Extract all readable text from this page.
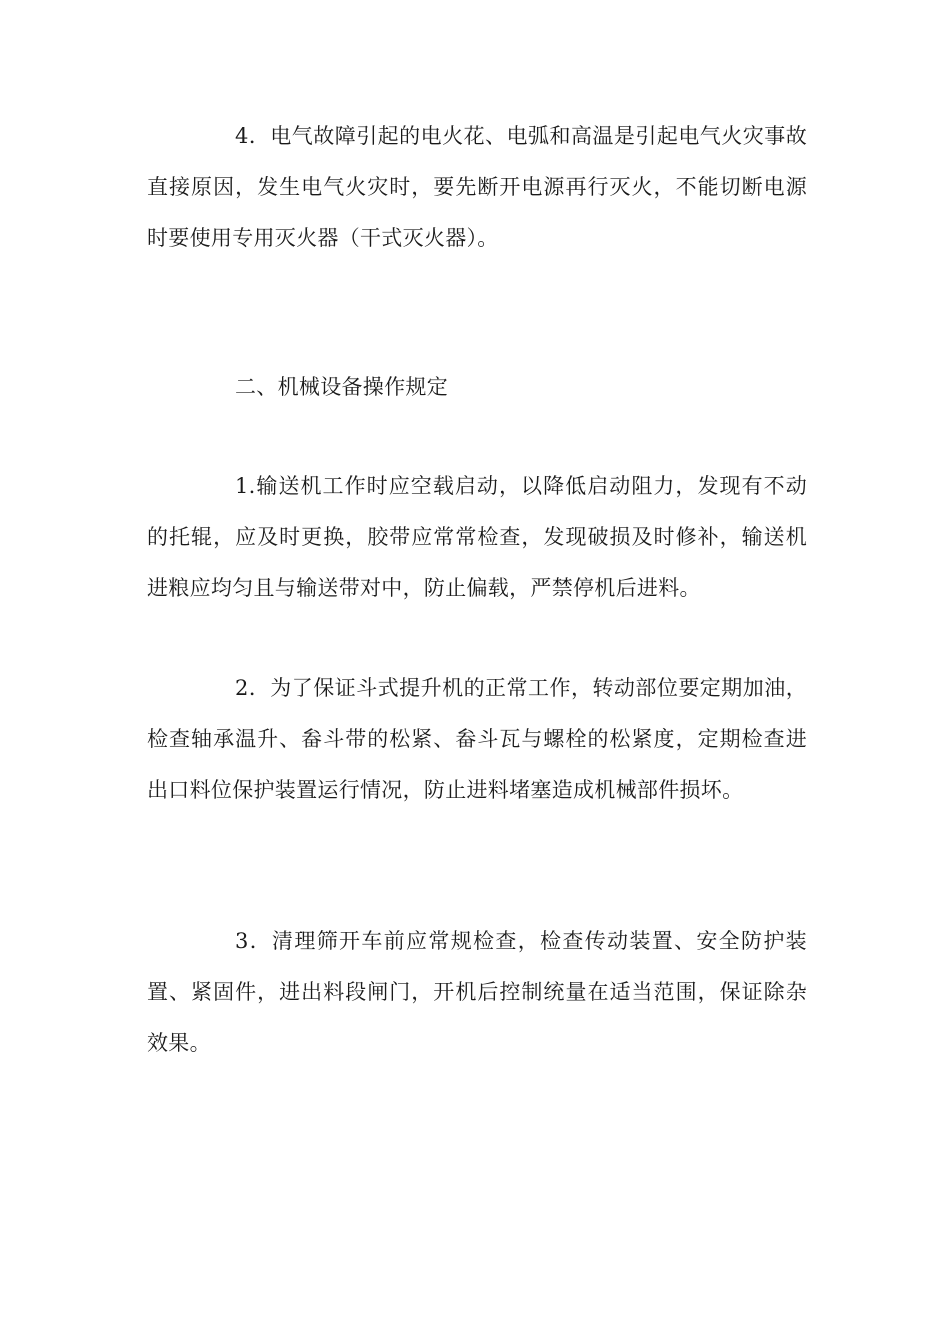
4．电气故障引起的电火花、电弧和高温是引起电气火灾事故直接原因，发生电气火灾时，要先断开电源再行灭火，不能切断电源时要使用专用灭火器（干式灭火器）。

二、机械设备操作规定

1.输送机工作时应空载启动，以降低启动阻力，发现有不动的托辊，应及时更换，胶带应常常检查，发现破损及时修补，输送机进粮应均匀且与输送带对中，防止偏载，严禁停机后进料。

2．为了保证斗式提升机的正常工作，转动部位要定期加油，检查轴承温升、畚斗带的松紧、畚斗瓦与螺栓的松紧度，定期检查进出口料位保护装置运行情况，防止进料堵塞造成机械部件损坏。

3．清理筛开车前应常规检查，检查传动装置、安全防护装置、紧固件，进出料段闸门，开机后控制统量在适当范围，保证除杂效果。
